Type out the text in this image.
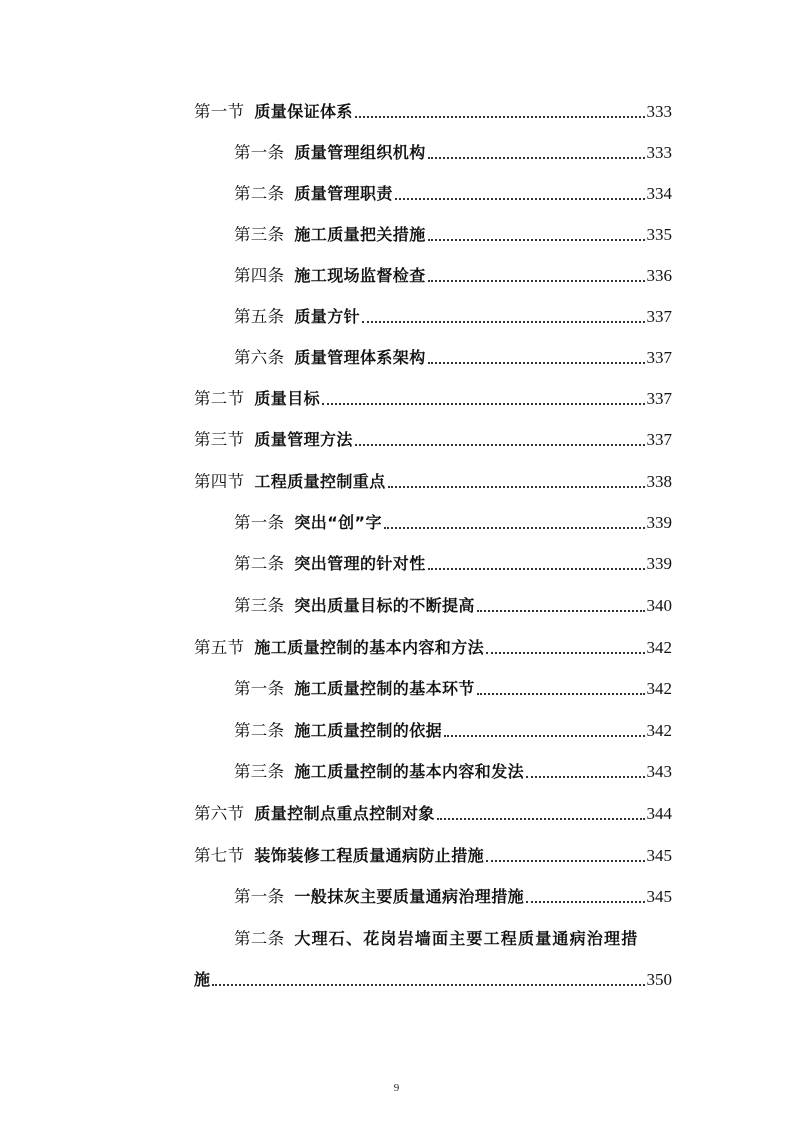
第一节 质量保证体系	333
第一条 质量管理组织机构	333
第二条 质量管理职责	334
第三条 施工质量把关措施	335
第四条 施工现场监督检查	336
第五条 质量方针	337
第六条 质量管理体系架构	337
第二节 质量目标	337
第三节 质量管理方法	337
第四节 工程质量控制重点	338
第一条 突出“创”字	339
第二条 突出管理的针对性	339
第三条 突出质量目标的不断提高	340
第五节 施工质量控制的基本内容和方法	342
第一条 施工质量控制的基本环节	342
第二条 施工质量控制的依据	342
第三条 施工质量控制的基本内容和发法	343
第六节 质量控制点重点控制对象	344
第七节 装饰装修工程质量通病防止措施	345
第一条 一般抹灰主要质量通病治理措施	345
第二条 大理石、花岗岩墙面主要工程质量通病治理措
施	350
9
